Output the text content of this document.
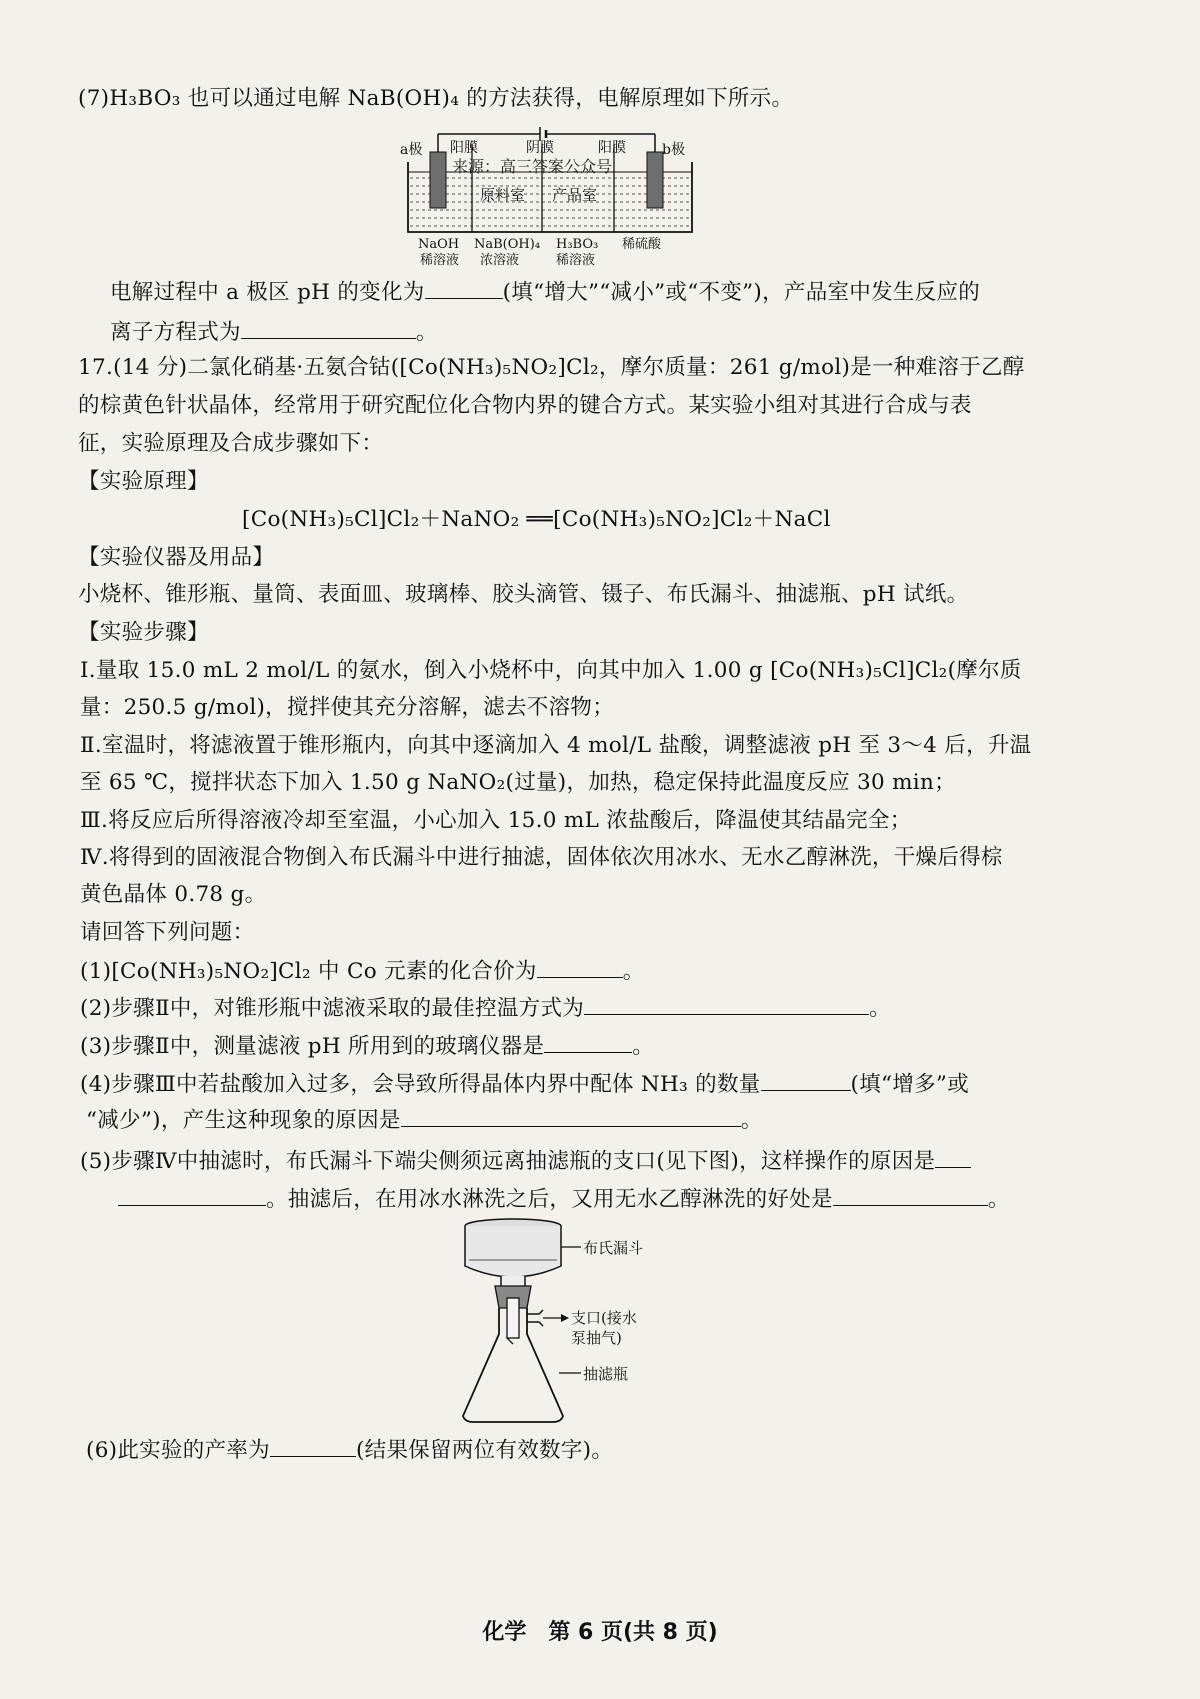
(7)H₃BO₃ 也可以通过电解 NaB(OH)₄ 的方法获得，电解原理如下所示。
a极	b极
阳膜	阴膜	阳膜
来源：高三答案公众号
原料室 产品室
NaOH
稀溶液
NaB(OH)₄
浓溶液
H₃BO₃
稀溶液
稀硫酸
电解过程中 a 极区 pH 的变化为	(填“增大”“减小”或“不变”)，产品室中发生反应的
离子方程式为	。
17.(14 分)二氯化硝基·五氨合钴([Co(NH₃)₅NO₂]Cl₂，摩尔质量：261 g/mol)是一种难溶于乙醇
的棕黄色针状晶体，经常用于研究配位化合物内界的键合方式。某实验小组对其进行合成与表
征，实验原理及合成步骤如下：
【实验原理】
[Co(NH₃)₅Cl]Cl₂＋NaNO₂ ══[Co(NH₃)₅NO₂]Cl₂＋NaCl
【实验仪器及用品】
小烧杯、锥形瓶、量筒、表面皿、玻璃棒、胶头滴管、镊子、布氏漏斗、抽滤瓶、pH 试纸。
【实验步骤】
Ⅰ.量取 15.0 mL 2 mol/L 的氨水，倒入小烧杯中，向其中加入 1.00 g [Co(NH₃)₅Cl]Cl₂(摩尔质
量：250.5 g/mol)，搅拌使其充分溶解，滤去不溶物；
Ⅱ.室温时，将滤液置于锥形瓶内，向其中逐滴加入 4 mol/L 盐酸，调整滤液 pH 至 3～4 后，升温
至 65 ℃，搅拌状态下加入 1.50 g NaNO₂(过量)，加热，稳定保持此温度反应 30 min；
Ⅲ.将反应后所得溶液冷却至室温，小心加入 15.0 mL 浓盐酸后，降温使其结晶完全；
Ⅳ.将得到的固液混合物倒入布氏漏斗中进行抽滤，固体依次用冰水、无水乙醇淋洗，干燥后得棕
黄色晶体 0.78 g。
请回答下列问题：
(1)[Co(NH₃)₅NO₂]Cl₂ 中 Co 元素的化合价为	。
(2)步骤Ⅱ中，对锥形瓶中滤液采取的最佳控温方式为	。
(3)步骤Ⅱ中，测量滤液 pH 所用到的玻璃仪器是	。
(4)步骤Ⅲ中若盐酸加入过多，会导致所得晶体内界中配体 NH₃ 的数量	(填“增多”或
“减少”)，产生这种现象的原因是	。
(5)步骤Ⅳ中抽滤时，布氏漏斗下端尖侧须远离抽滤瓶的支口(见下图)，这样操作的原因是
。抽滤后，在用冰水淋洗之后，又用无水乙醇淋洗的好处是	。
布氏漏斗
支口(接水
泵抽气)
抽滤瓶
(6)此实验的产率为	(结果保留两位有效数字)。
化学　第 6 页(共 8 页)
